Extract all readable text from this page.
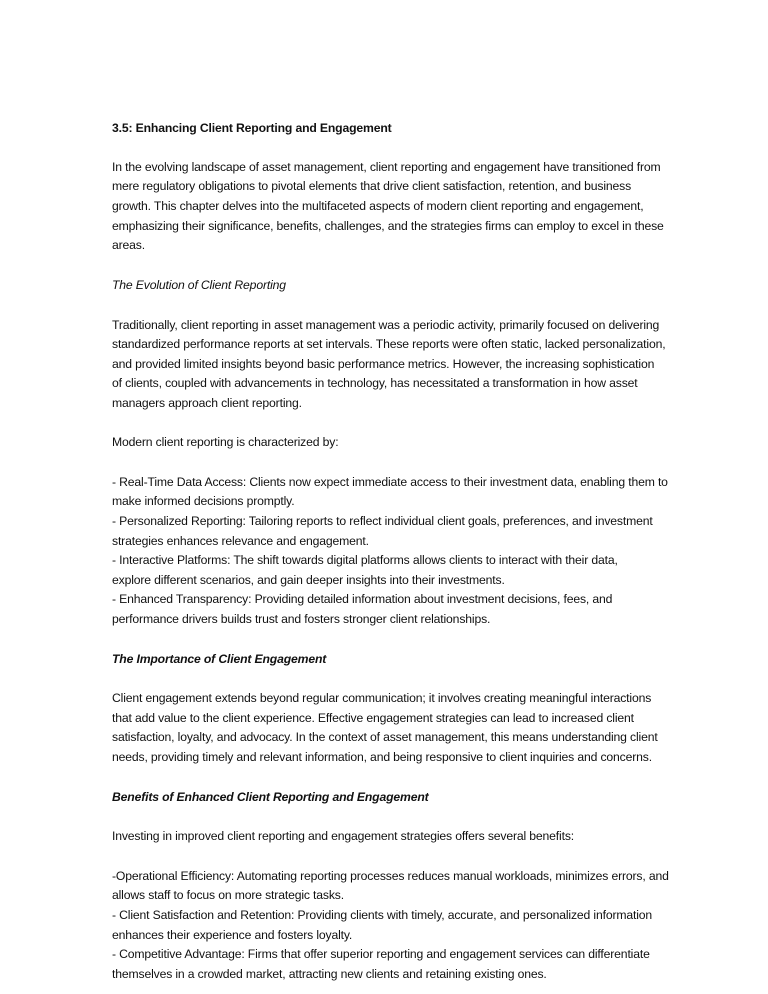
3.5: Enhancing Client Reporting and Engagement
In the evolving landscape of asset management, client reporting and engagement have transitioned from
mere regulatory obligations to pivotal elements that drive client satisfaction, retention, and business
growth. This chapter delves into the multifaceted aspects of modern client reporting and engagement,
emphasizing their significance, benefits, challenges, and the strategies firms can employ to excel in these
areas.
The Evolution of Client Reporting
Traditionally, client reporting in asset management was a periodic activity, primarily focused on delivering
standardized performance reports at set intervals. These reports were often static, lacked personalization,
and provided limited insights beyond basic performance metrics. However, the increasing sophistication
of clients, coupled with advancements in technology, has necessitated a transformation in how asset
managers approach client reporting.
Modern client reporting is characterized by:
- Real-Time Data Access: Clients now expect immediate access to their investment data, enabling them to
make informed decisions promptly.
- Personalized Reporting: Tailoring reports to reflect individual client goals, preferences, and investment
strategies enhances relevance and engagement.
- Interactive Platforms: The shift towards digital platforms allows clients to interact with their data,
explore different scenarios, and gain deeper insights into their investments.
- Enhanced Transparency: Providing detailed information about investment decisions, fees, and
performance drivers builds trust and fosters stronger client relationships.
The Importance of Client Engagement
Client engagement extends beyond regular communication; it involves creating meaningful interactions
that add value to the client experience. Effective engagement strategies can lead to increased client
satisfaction, loyalty, and advocacy. In the context of asset management, this means understanding client
needs, providing timely and relevant information, and being responsive to client inquiries and concerns.
Benefits of Enhanced Client Reporting and Engagement
Investing in improved client reporting and engagement strategies offers several benefits:
-Operational Efficiency: Automating reporting processes reduces manual workloads, minimizes errors, and
allows staff to focus on more strategic tasks.
- Client Satisfaction and Retention: Providing clients with timely, accurate, and personalized information
enhances their experience and fosters loyalty.
- Competitive Advantage: Firms that offer superior reporting and engagement services can differentiate
themselves in a crowded market, attracting new clients and retaining existing ones.
